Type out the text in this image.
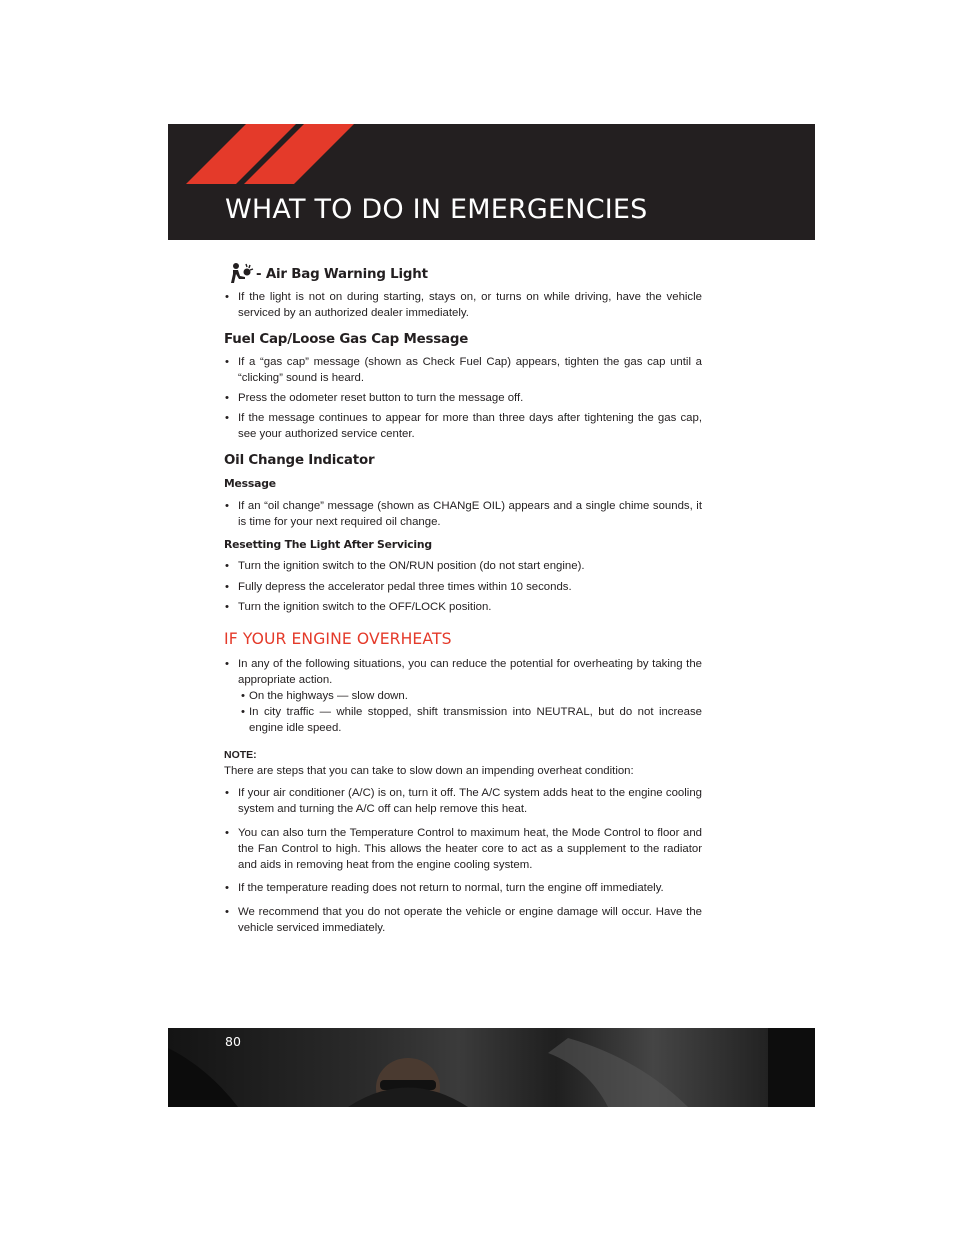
WHAT TO DO IN EMERGENCIES
- Air Bag Warning Light
• If the light is not on during starting, stays on, or turns on while driving, have the vehicle serviced by an authorized dealer immediately.
Fuel Cap/Loose Gas Cap Message
• If a “gas cap” message (shown as Check Fuel Cap) appears, tighten the gas cap until a “clicking” sound is heard.
• Press the odometer reset button to turn the message off.
• If the message continues to appear for more than three days after tightening the gas cap, see your authorized service center.
Oil Change Indicator
Message
• If an “oil change” message (shown as CHANgE OIL) appears and a single chime sounds, it is time for your next required oil change.
Resetting The Light After Servicing
• Turn the ignition switch to the ON/RUN position (do not start engine).
• Fully depress the accelerator pedal three times within 10 seconds.
• Turn the ignition switch to the OFF/LOCK position.
IF YOUR ENGINE OVERHEATS
• In any of the following situations, you can reduce the potential for overheating by taking the appropriate action.
• On the highways — slow down.
• In city traffic — while stopped, shift transmission into NEUTRAL, but do not increase engine idle speed.
NOTE:
There are steps that you can take to slow down an impending overheat condition:
• If your air conditioner (A/C) is on, turn it off. The A/C system adds heat to the engine cooling system and turning the A/C off can help remove this heat.
• You can also turn the Temperature Control to maximum heat, the Mode Control to floor and the Fan Control to high. This allows the heater core to act as a supplement to the radiator and aids in removing heat from the engine cooling system.
• If the temperature reading does not return to normal, turn the engine off immediately.
• We recommend that you do not operate the vehicle or engine damage will occur. Have the vehicle serviced immediately.
80
